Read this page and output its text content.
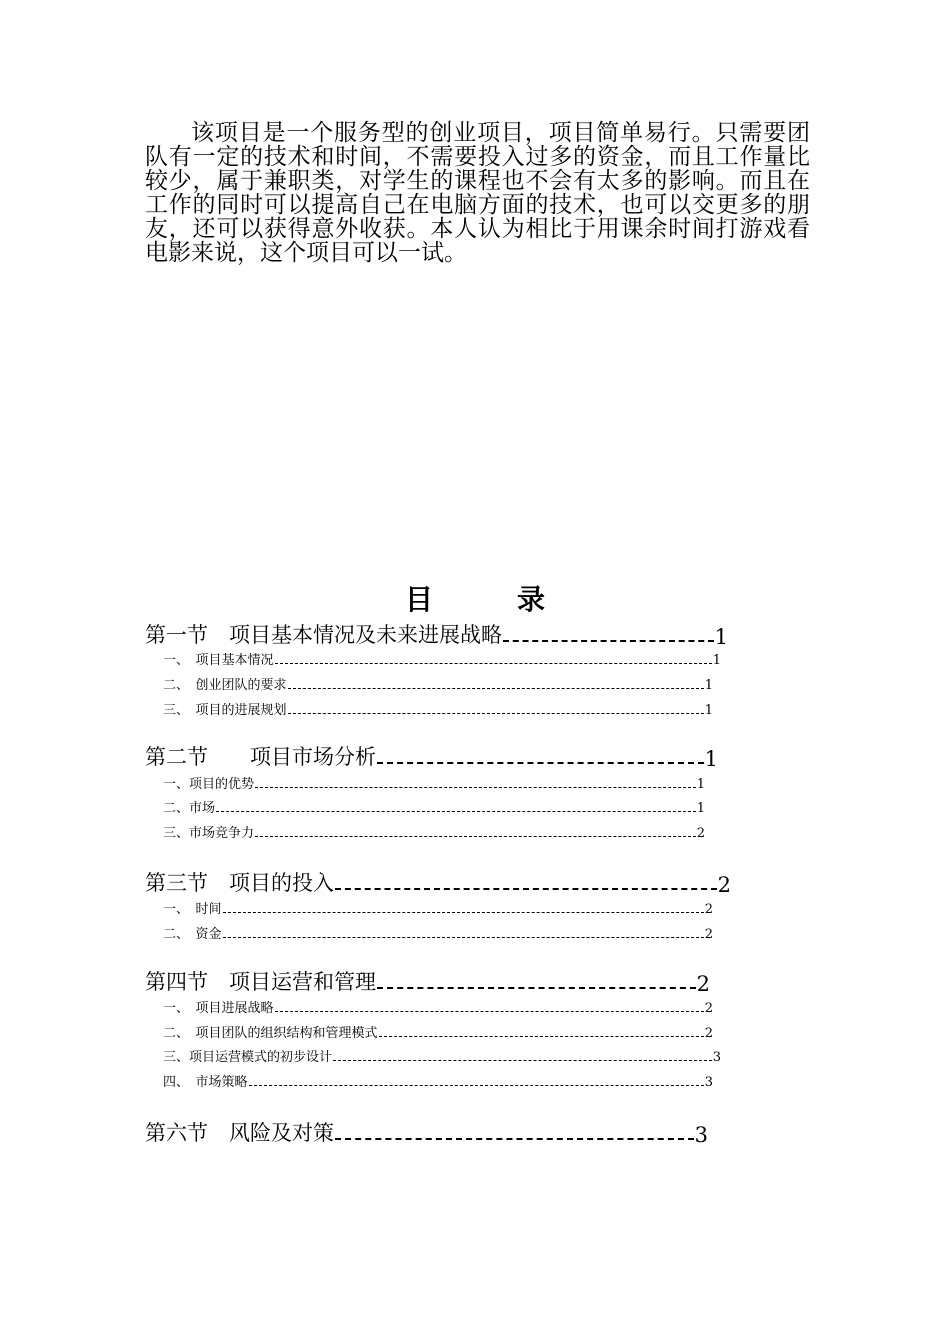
该项目是一个服务型的创业项目，项目简单易行。只需要团队有一定的技术和时间，不需要投入过多的资金，而且工作量比较少，属于兼职类，对学生的课程也不会有太多的影响。而且在工作的同时可以提高自己在电脑方面的技术，也可以交更多的朋友，还可以获得意外收获。本人认为相比于用课余时间打游戏看电影来说，这个项目可以一试。

目　录
第一节　项目基本情况及未来进展战略	1
一、　项目基本情况	1
二、　创业团队的要求	1
三、　项目的进展规划	1
第二节　　项目市场分析	1
一、项目的优势	1
二、市场	1
三、市场竞争力	2
第三节　项目的投入	2
一、　时间	2
二、　资金	2
第四节　项目运营和管理	2
一、　项目进展战略	2
二、　项目团队的组织结构和管理模式	2
三、项目运营模式的初步设计	3
四、　市场策略	3
第六节　风险及对策	3
